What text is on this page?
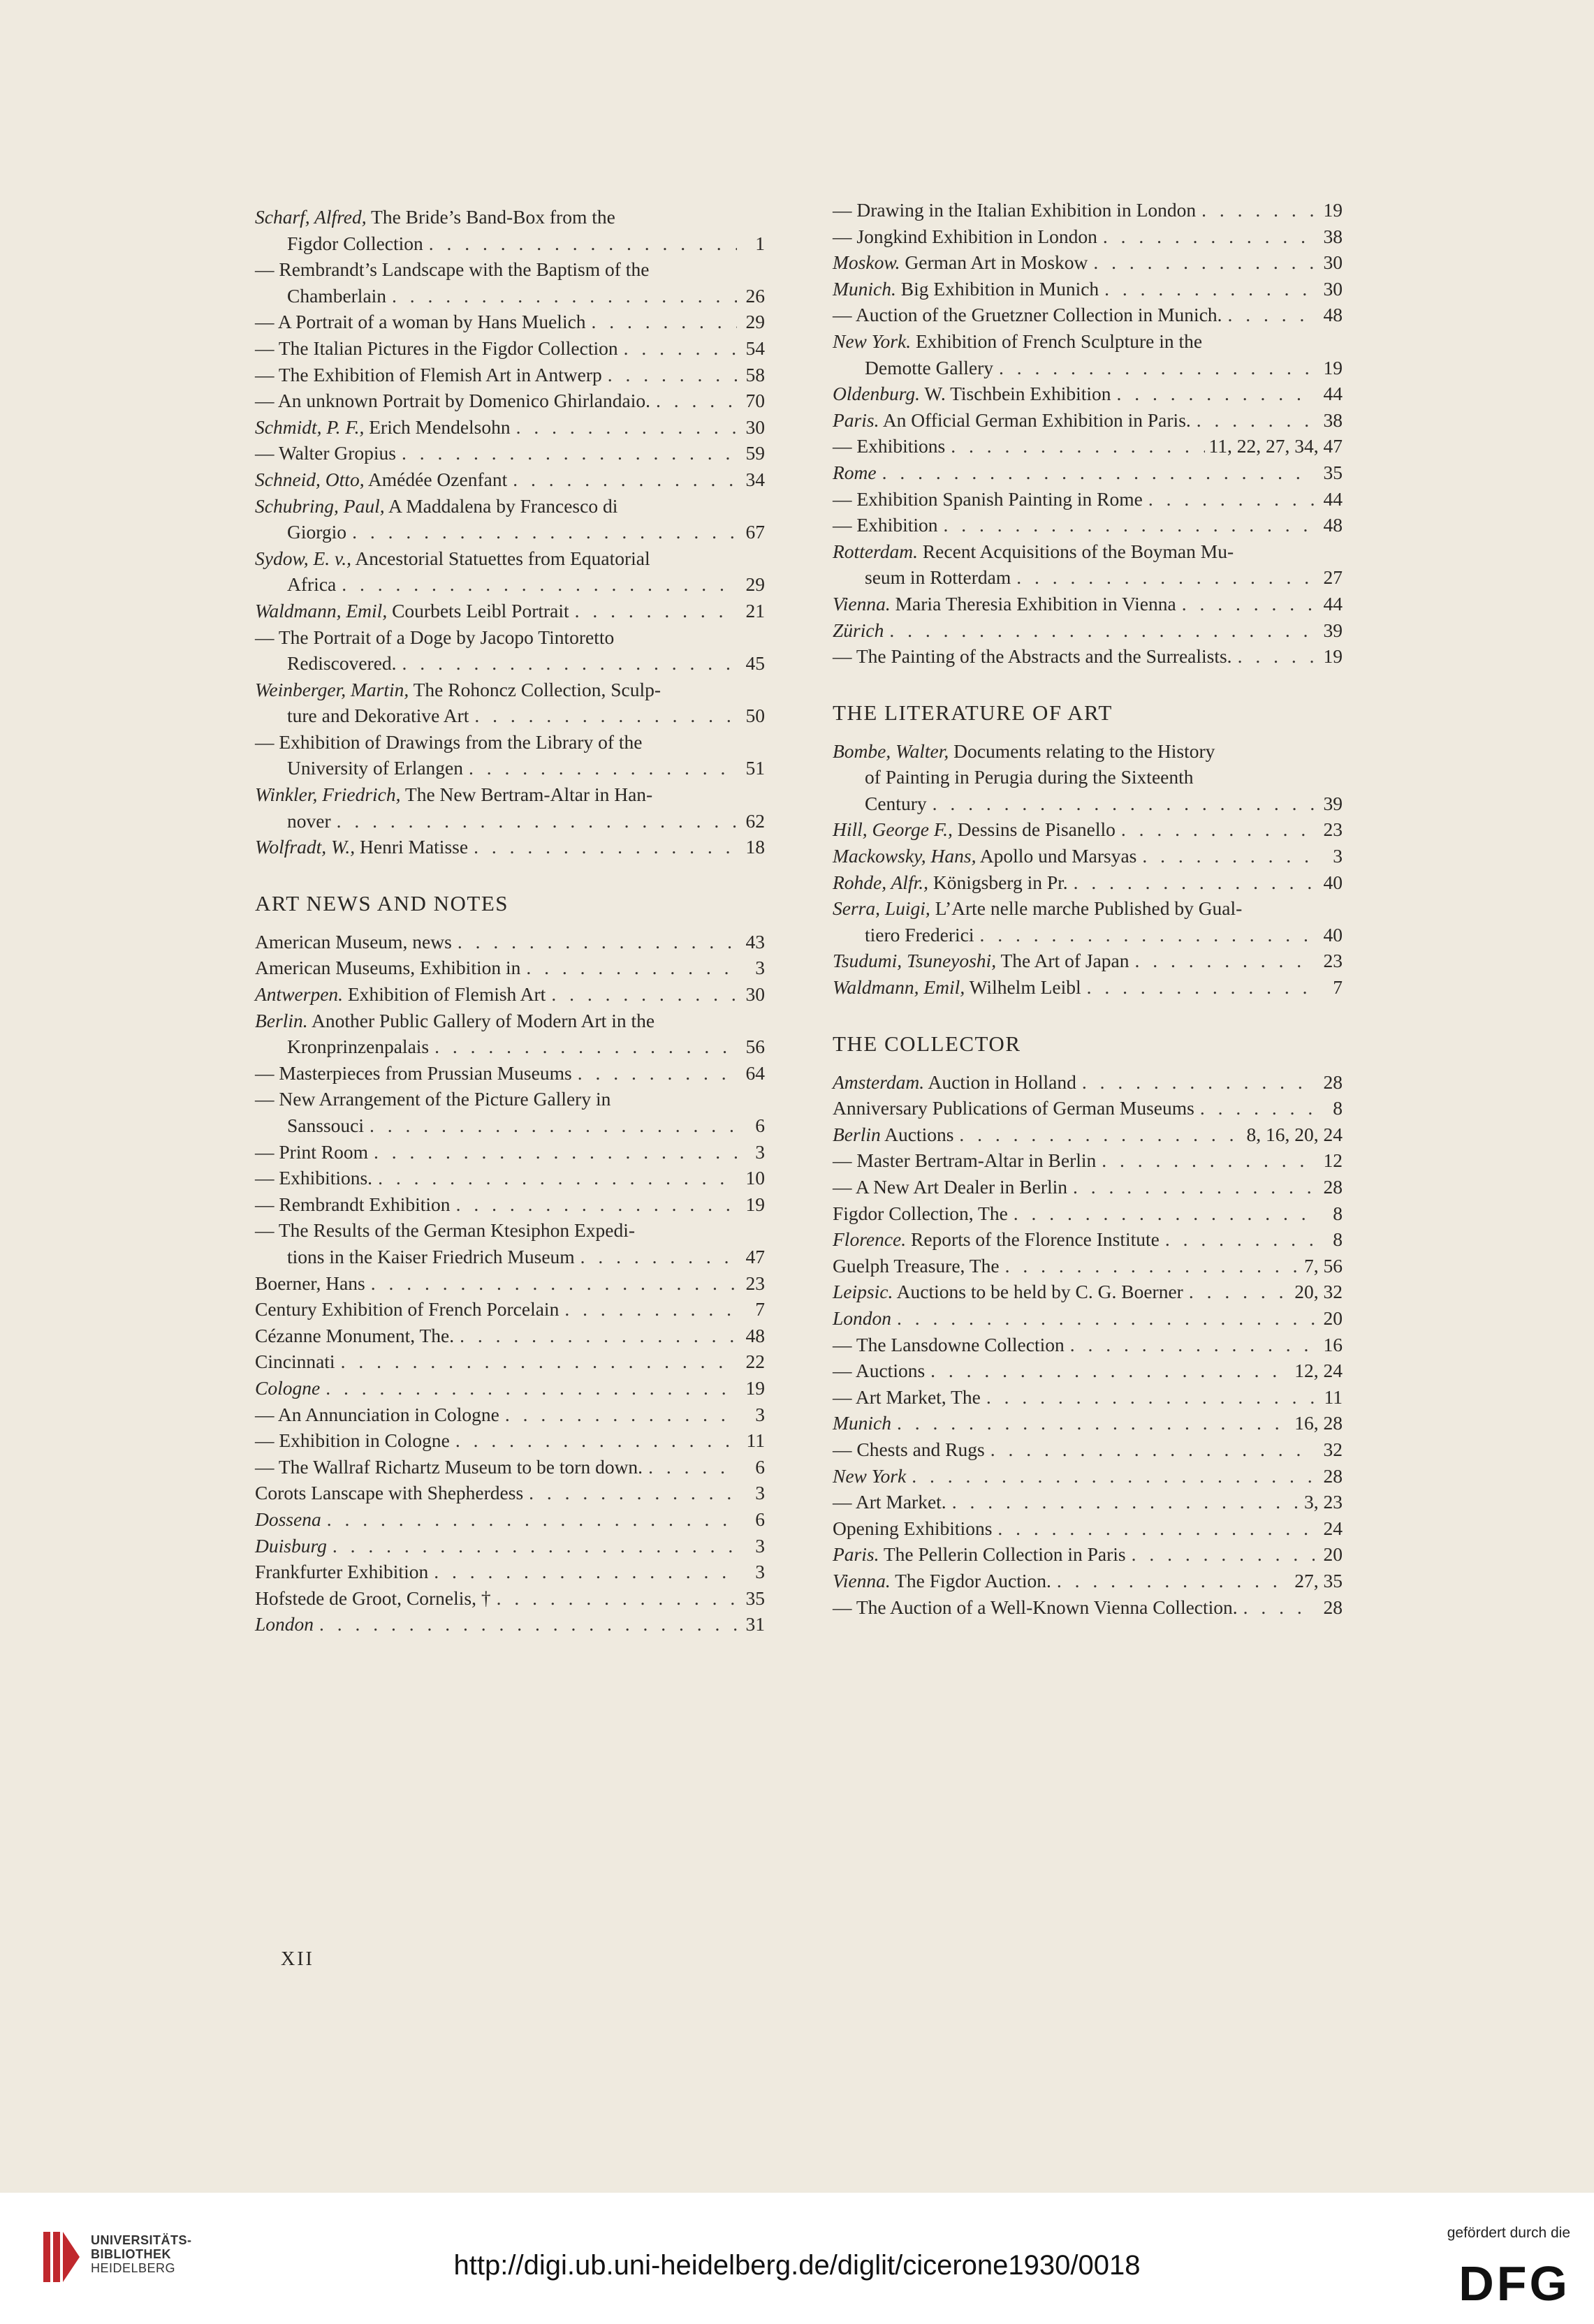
Scharf, Alfred, The Bride’s Band-Box from the
Figdor Collection . . .	1
— Rembrandt’s Landscape with the Baptism of the
Chamberlain . . .	26
— A Portrait of a woman by Hans Muelich . . .	29
— The Italian Pictures in the Figdor Collection . . .	54
— The Exhibition of Flemish Art in Antwerp . . .	58
— An unknown Portrait by Domenico Ghirlandaio. . . .	70
Schmidt, P. F., Erich Mendelsohn . . .	30
— Walter Gropius . . .	59
Schneid, Otto, Amédée Ozenfant . . .	34
Schubring, Paul, A Maddalena by Francesco di
Giorgio . . .	67
Sydow, E. v., Ancestorial Statuettes from Equatorial
Africa . . .	29
Waldmann, Emil, Courbets Leibl Portrait . . .	21
— The Portrait of a Doge by Jacopo Tintoretto
Rediscovered. . . .	45
Weinberger, Martin, The Rohoncz Collection, Sculp-
ture and Dekorative Art . . .	50
— Exhibition of Drawings from the Library of the
University of Erlangen . . .	51
Winkler, Friedrich, The New Bertram-Altar in Han-
nover . . .	62
Wolfradt, W., Henri Matisse . . .	18
ART NEWS AND NOTES
American Museum, news . . .	43
American Museums, Exhibition in . . .	3
Antwerpen. Exhibition of Flemish Art . . .	30
Berlin. Another Public Gallery of Modern Art in the
Kronprinzenpalais . . .	56
— Masterpieces from Prussian Museums . . .	64
— New Arrangement of the Picture Gallery in
Sanssouci . . .	6
— Print Room . . .	3
— Exhibitions. . . .	10
— Rembrandt Exhibition . . .	19
— The Results of the German Ktesiphon Expedi-
tions in the Kaiser Friedrich Museum . . .	47
Boerner, Hans . . .	23
Century Exhibition of French Porcelain . . .	7
Cézanne Monument, The. . . .	48
Cincinnati . . .	22
Cologne . . .	19
— An Annunciation in Cologne . . .	3
— Exhibition in Cologne . . .	11
— The Wallraf Richartz Museum to be torn down. . . .	6
Corots Lanscape with Shepherdess . . .	3
Dossena . . .	6
Duisburg . . .	3
Frankfurter Exhibition . . .	3
Hofstede de Groot, Cornelis, † . . .	35
London . . .	31
— Drawing in the Italian Exhibition in London . . .	19
— Jongkind Exhibition in London . . .	38
Moskow. German Art in Moskow . . .	30
Munich. Big Exhibition in Munich . . .	30
— Auction of the Gruetzner Collection in Munich. . . .	48
New York. Exhibition of French Sculpture in the
Demotte Gallery . . .	19
Oldenburg. W. Tischbein Exhibition . . .	44
Paris. An Official German Exhibition in Paris. . . .	38
— Exhibitions . . .	11, 22, 27, 34, 47
Rome . . .	35
— Exhibition Spanish Painting in Rome . . .	44
— Exhibition . . .	48
Rotterdam. Recent Acquisitions of the Boyman Mu-
seum in Rotterdam . . .	27
Vienna. Maria Theresia Exhibition in Vienna . . .	44
Zürich . . .	39
— The Painting of the Abstracts and the Surrealists. . . .	19
THE LITERATURE OF ART
Bombe, Walter, Documents relating to the History
of Painting in Perugia during the Sixteenth
Century . . .	39
Hill, George F., Dessins de Pisanello . . .	23
Mackowsky, Hans, Apollo und Marsyas . . .	3
Rohde, Alfr., Königsberg in Pr. . . .	40
Serra, Luigi, L’Arte nelle marche Published by Gual-
tiero Frederici . . .	40
Tsudumi, Tsuneyoshi, The Art of Japan . . .	23
Waldmann, Emil, Wilhelm Leibl . . .	7
THE COLLECTOR
Amsterdam. Auction in Holland . . .	28
Anniversary Publications of German Museums . . .	8
Berlin Auctions . . .	8, 16, 20, 24
— Master Bertram-Altar in Berlin . . .	12
— A New Art Dealer in Berlin . . .	28
Figdor Collection, The . . .	8
Florence. Reports of the Florence Institute . . .	8
Guelph Treasure, The . . .	7, 56
Leipsic. Auctions to be held by C. G. Boerner . . .	20, 32
London . . .	20
— The Lansdowne Collection . . .	16
— Auctions . . .	12, 24
— Art Market, The . . .	11
Munich . . .	16, 28
— Chests and Rugs . . .	32
New York . . .	28
— Art Market. . . .	3, 23
Opening Exhibitions . . .	24
Paris. The Pellerin Collection in Paris . . .	20
Vienna. The Figdor Auction. . . .	27, 35
— The Auction of a Well-Known Vienna Collection. . . .	28
XII
UNIVERSITÄTS-
BIBLIOTHEK
HEIDELBERG	http://digi.ub.uni-heidelberg.de/diglit/cicerone1930/0018
gefördert durch die
DFG
